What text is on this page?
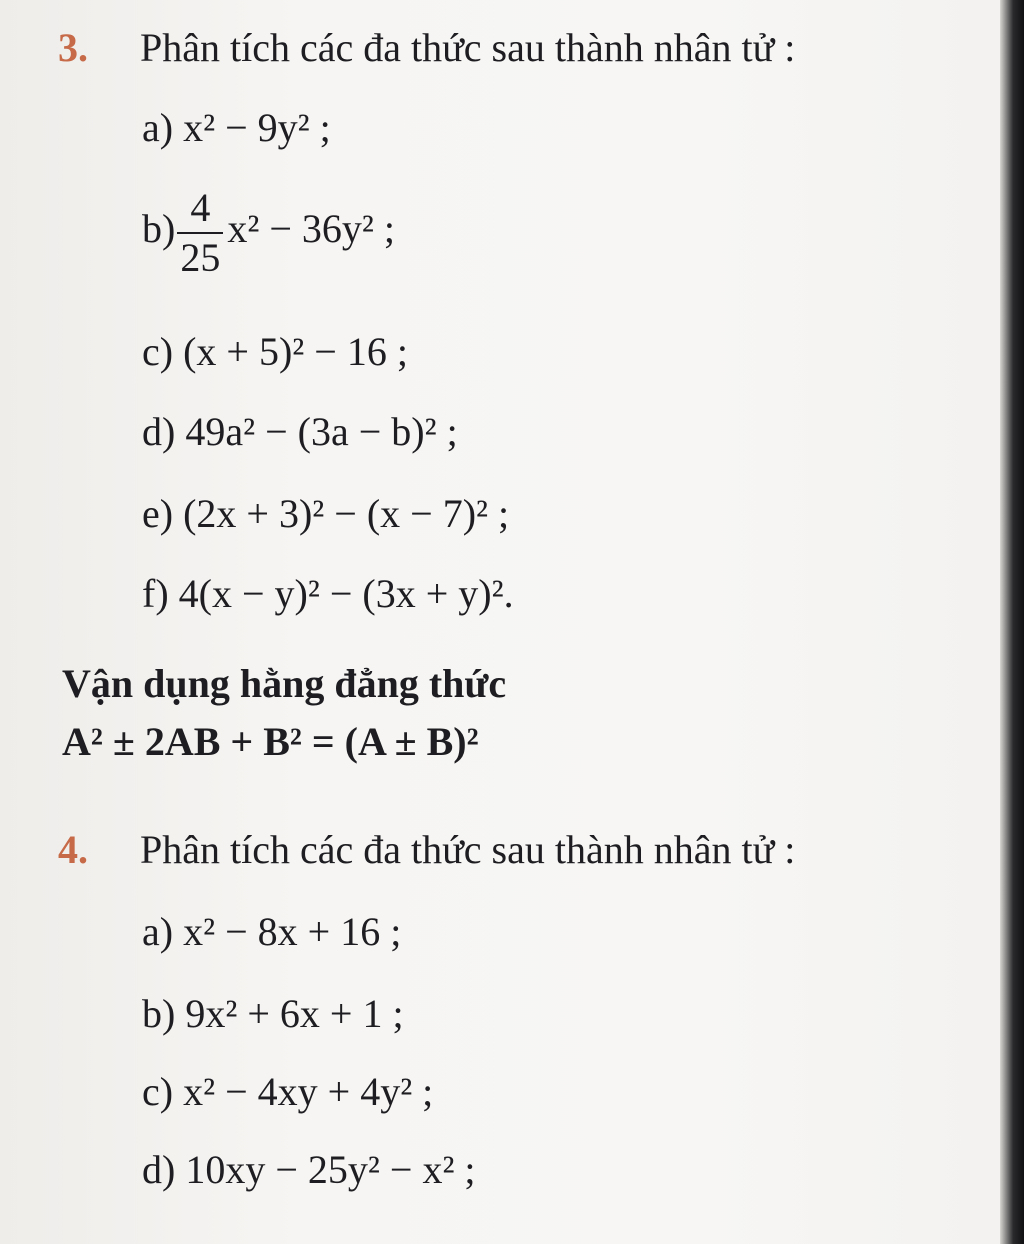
3. Phân tích các đa thức sau thành nhân tử :
a) x² − 9y² ;
$b) \frac{4}{25} x^2 - 36y^2$ ;
c) (x + 5)² − 16 ;
d) 49a² − (3a − b)² ;
e) (2x + 3)² − (x − 7)² ;
f) 4(x − y)² − (3x + y)².
Vận dụng hằng đẳng thức
A² ± 2AB + B² = (A ± B)²
4. Phân tích các đa thức sau thành nhân tử :
a) x² − 8x + 16 ;
b) 9x² + 6x + 1 ;
c) x² − 4xy + 4y² ;
d) 10xy − 25y² − x² ;
